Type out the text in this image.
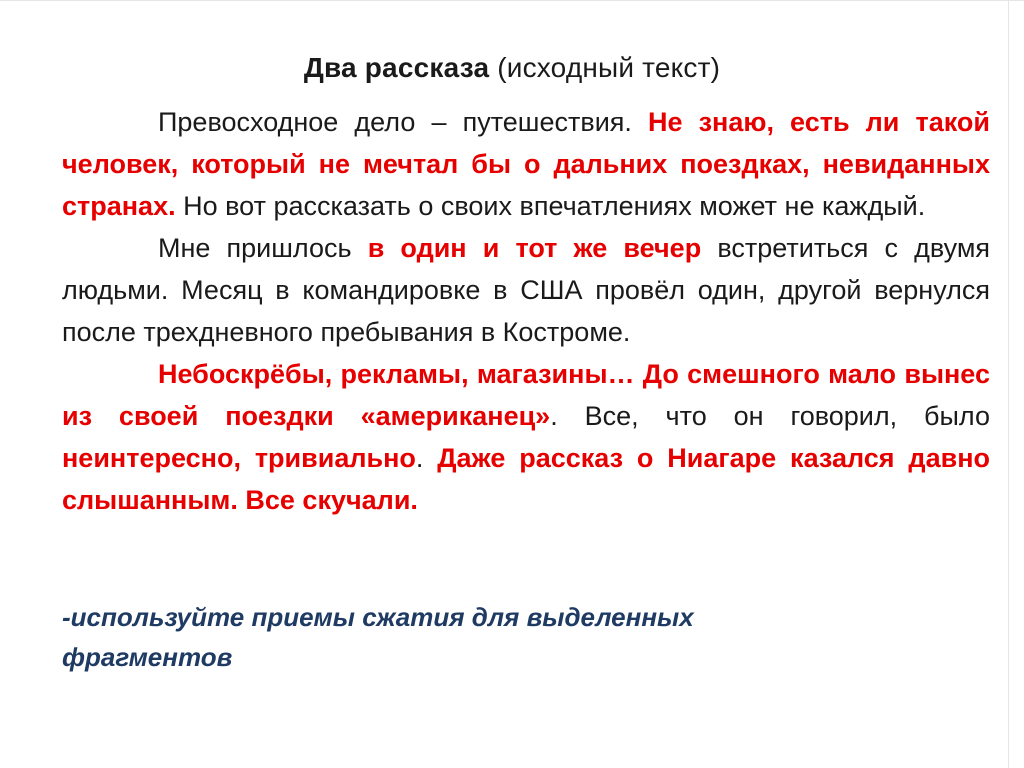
Два рассказа (исходный текст)

Превосходное дело – путешествия. Не знаю, есть ли такой человек, который не мечтал бы о дальних поездках, невиданных странах. Но вот рассказать о своих впечатлениях может не каждый.

Мне пришлось в один и тот же вечер встретиться с двумя людьми. Месяц в командировке в США провёл один, другой вернулся после трехдневного пребывания в Костроме.

Небоскрёбы, рекламы, магазины… До смешного мало вынес из своей поездки «американец». Все, что он говорил, было неинтересно, тривиально. Даже рассказ о Ниагаре казался давно слышанным. Все скучали.

-используйте приемы сжатия для выделенных
фрагментов
